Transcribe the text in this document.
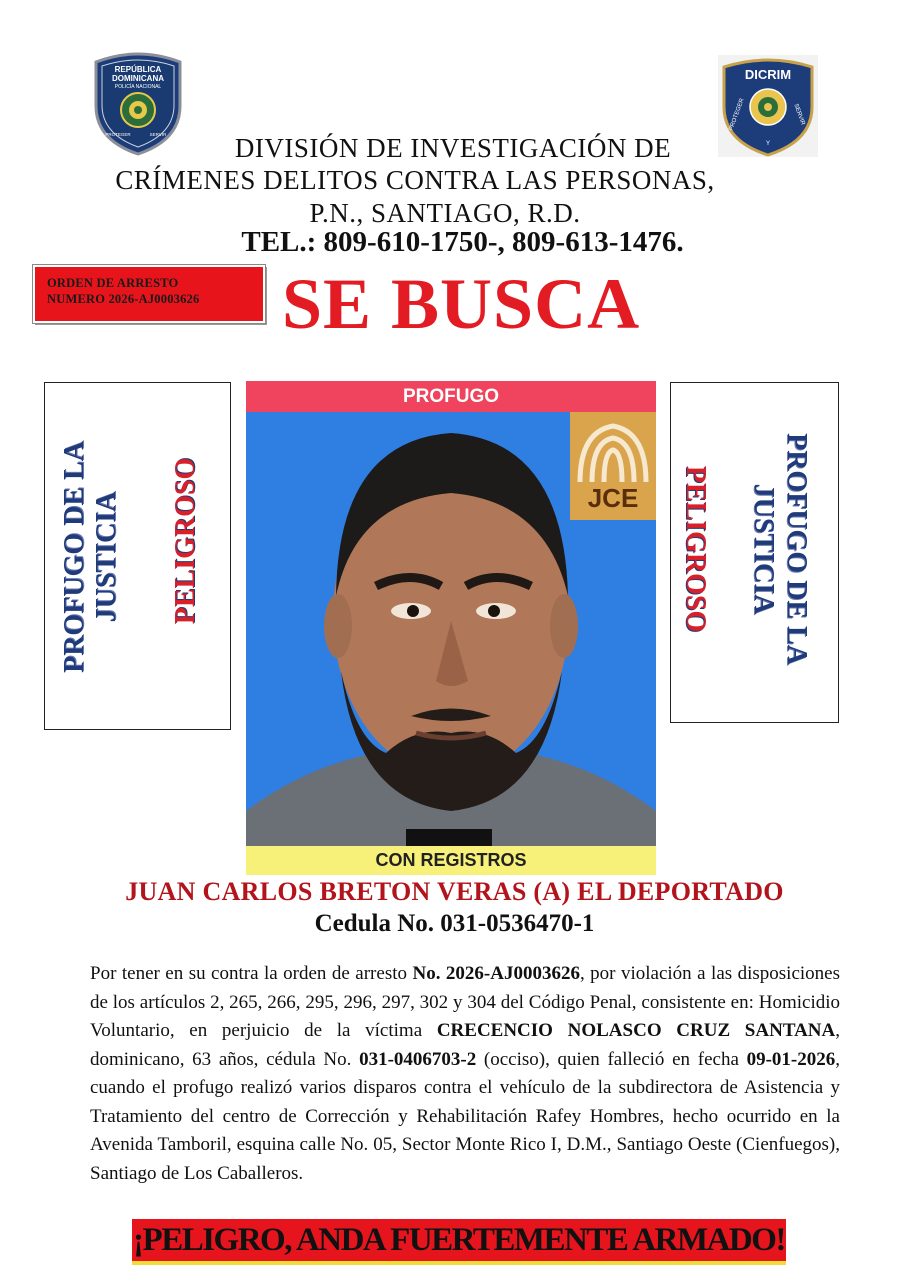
REPÚBLICA
DOMINICANA
POLICÍA NACIONAL
PROTEGER	SERVIR
DICRIM
PROTEGER
Y
SERVIR
DIVISIÓN DE INVESTIGACIÓN DE
CRÍMENES DELITOS CONTRA LAS PERSONAS,
P.N., SANTIAGO, R.D.
TEL.: 809-610-1750-, 809-613-1476.
ORDEN DE ARRESTO
NUMERO 2026-AJ0003626 SE BUSCA
PROFUGO DE LA JUSTICIA PELIGROSO
PROFUGO
JCE
CON REGISTROS
PROFUGO DE LA
JUSTICIA
PELIGROSO
JUAN CARLOS BRETON VERAS (A) EL DEPORTADO
Cedula No. 031-0536470-1
Por tener en su contra la orden de arresto No. 2026-AJ0003626, por violación a las disposiciones de los artículos 2, 265, 266, 295, 296, 297, 302 y 304 del Código Penal, consistente en: Homicidio Voluntario, en perjuicio de la víctima CRECENCIO NOLASCO CRUZ SANTANA, dominicano, 63 años, cédula No. 031-0406703-2 (occiso), quien falleció en fecha 09-01-2026, cuando el profugo realizó varios disparos contra el vehículo de la subdirectora de Asistencia y Tratamiento del centro de Corrección y Rehabilitación Rafey Hombres, hecho ocurrido en la Avenida Tamboril, esquina calle No. 05, Sector Monte Rico I, D.M., Santiago Oeste (Cienfuegos), Santiago de Los Caballeros.
¡PELIGRO, ANDA FUERTEMENTE ARMADO!
